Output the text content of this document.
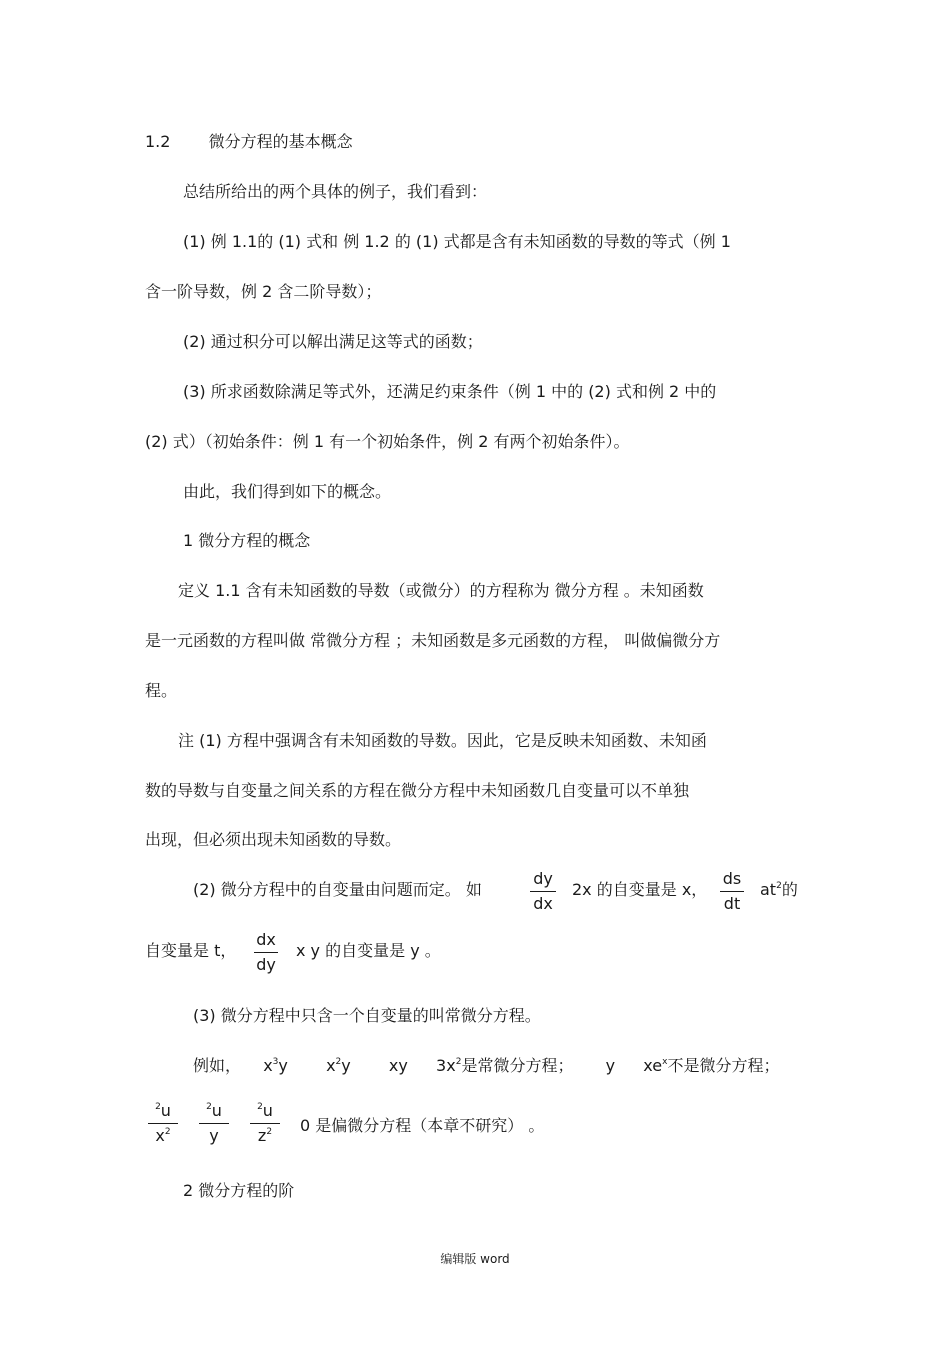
1.2 微分方程的基本概念
总结所给出的两个具体的例子，我们看到：
(1) 例 1.1的 (1) 式和 例 1.2 的 (1) 式都是含有未知函数的导数的等式（例 1
含一阶导数，例 2 含二阶导数）；
(2) 通过积分可以解出满足这等式的函数；
(3) 所求函数除满足等式外，还满足约束条件（例 1 中的 (2) 式和例 2 中的
(2) 式）（初始条件：例 1 有一个初始条件，例 2 有两个初始条件）。
由此，我们得到如下的概念。
1 微分方程的概念
定义 1.1 含有未知函数的导数（或微分）的方程称为 微分方程 。未知函数
是一元函数的方程叫做 常微分方程 ；未知函数是多元函数的方程， 叫做偏微分方
程。
注 (1) 方程中强调含有未知函数的导数。因此，它是反映未知函数、未知函
数的导数与自变量之间关系的方程在微分方程中未知函数几自变量可以不单独
出现，但必须出现未知函数的导数。
(2) 微分方程中的自变量由问题而定。 如
dy
dx
2x 的自变量是 x，
ds
dt
$at^2$的
自变量是 t，
dx
dy
x y 的自变量是 y 。
(3) 微分方程中只含一个自变量的叫常微分方程。
例如， $x^3y$ $x^2y$ xy $3x^2$是常微分方程； y $xe^x$不是微分方程；
$^2$u
$x^2$
$^2$u
y
$^2$u
$z^2$	0 是偏微分方程（本章不研究） 。
2 微分方程的阶
编辑版 word
